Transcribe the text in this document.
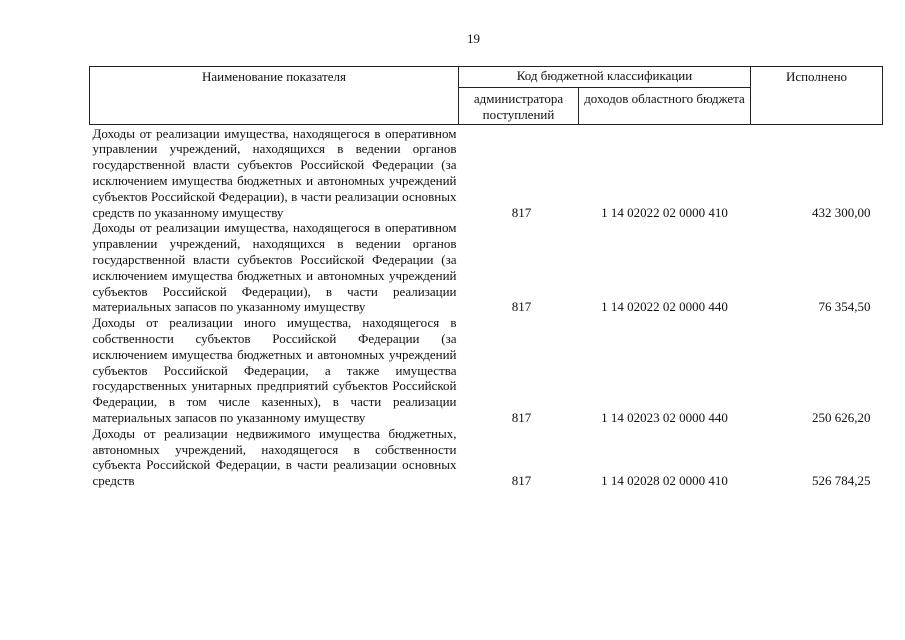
19
Наименование показателя	Код бюджетной классификации		Исполнено
	администратора поступлений	доходов областного бюджета	
Доходы от реализации имущества, находящегося в оперативном управлении учреждений, находящихся в ведении органов государственной власти субъектов Российской Федерации (за исключением имущества бюджетных и автономных учреждений субъектов Российской Федерации), в части реализации основных средств по указанному имуществу	817	1 14 02022 02 0000 410	432 300,00
Доходы от реализации имущества, находящегося в оперативном управлении учреждений, находящихся в ведении органов государственной власти субъектов Российской Федерации (за исключением имущества бюджетных и автономных учреждений субъектов Российской Федерации), в части реализации материальных запасов по указанному имуществу	817	1 14 02022 02 0000 440	76 354,50
Доходы от реализации иного имущества, находящегося в собственности субъектов Российской Федерации (за исключением имущества бюджетных и автономных учреждений субъектов Российской Федерации, а также имущества государственных унитарных предприятий субъектов Российской Федерации, в том числе казенных), в части реализации материальных запасов по указанному имуществу	817	1 14 02023 02 0000 440	250 626,20
Доходы от реализации недвижимого имущества бюджетных, автономных учреждений, находящегося в собственности субъекта Российской Федерации, в части реализации основных средств	817	1 14 02028 02 0000 410	526 784,25
